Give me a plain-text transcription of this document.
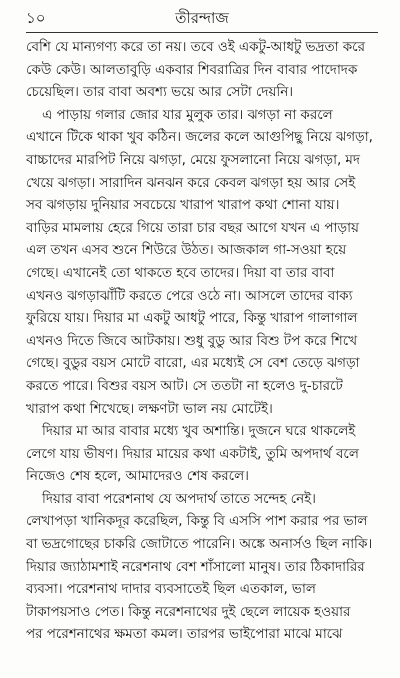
১০	তীরন্দাজ
বেশি যে মান্যগণ্য করে তা নয়। তবে ওই একটু-আধটু ভদ্রতা করে
কেউ কেউ। আলতাবুড়ি একবার শিবরাত্রির দিন বাবার পাদোদক
চেয়েছিল। তার বাবা অবশ্য ভয়ে আর সেটা দেয়নি।
এ পাড়ায় গলার জোর যার মুলুক তার। ঝগড়া না করলে
এখানে টিকে থাকা খুব কঠিন। জলের কলে আগুপিছু নিয়ে ঝগড়া,
বাচ্চাদের মারপিট নিয়ে ঝগড়া, মেয়ে ফুসলানো নিয়ে ঝগড়া, মদ
খেয়ে ঝগড়া। সারাদিন ঝনঝন করে কেবল ঝগড়া হয় আর সেই
সব ঝগড়ায় দুনিয়ার সবচেয়ে খারাপ খারাপ কথা শোনা যায়।
বাড়ির মামলায় হেরে গিয়ে তারা চার বছর আগে যখন এ পাড়ায়
এল তখন এসব শুনে শিউরে উঠত। আজকাল গা-সওয়া হয়ে
গেছে। এখানেই তো থাকতে হবে তাদের। দিয়া বা তার বাবা
এখনও ঝগড়াঝাঁটি করতে পেরে ওঠে না। আসলে তাদের বাক্য
ফুরিয়ে যায়। দিয়ার মা একটু আধটু পারে, কিন্তু খারাপ গালাগাল
এখনও দিতে জিবে আটকায়। শুধু বুডু আর বিশু টপ করে শিখে
গেছে। বুডুর বয়স মোটে বারো, এর মধ্যেই সে বেশ তেড়ে ঝগড়া
করতে পারে। বিশুর বয়স আট। সে ততটা না হলেও দু-চারটে
খারাপ কথা শিখেছে। লক্ষণটা ভাল নয় মোটেই।
দিয়ার মা আর বাবার মধ্যে খুব অশান্তি। দুজনে ঘরে থাকলেই
লেগে যায় ভীষণ। দিয়ার মায়ের কথা একটাই, তুমি অপদার্থ বলে
নিজেও শেষ হলে, আমাদেরও শেষ করলে।
দিয়ার বাবা পরেশনাথ যে অপদার্থ তাতে সন্দেহ নেই।
লেখাপড়া খানিকদূর করেছিল, কিন্তু বি এসসি পাশ করার পর ভাল
বা ভদ্রগোছের চাকরি জোটাতে পারেনি। অঙ্কে অনার্সও ছিল নাকি।
দিয়ার জ্যাঠামশাই নরেশনাথ বেশ শাঁসালো মানুষ। তার ঠিকাদারির
ব্যবসা। পরেশনাথ দাদার ব্যবসাতেই ছিল এতকাল, ভাল
টাকাপয়সাও পেত। কিন্তু নরেশনাথের দুই ছেলে লায়েক হওয়ার
পর পরেশনাথের ক্ষমতা কমল। তারপর ভাইপোরা মাঝে মাঝে
